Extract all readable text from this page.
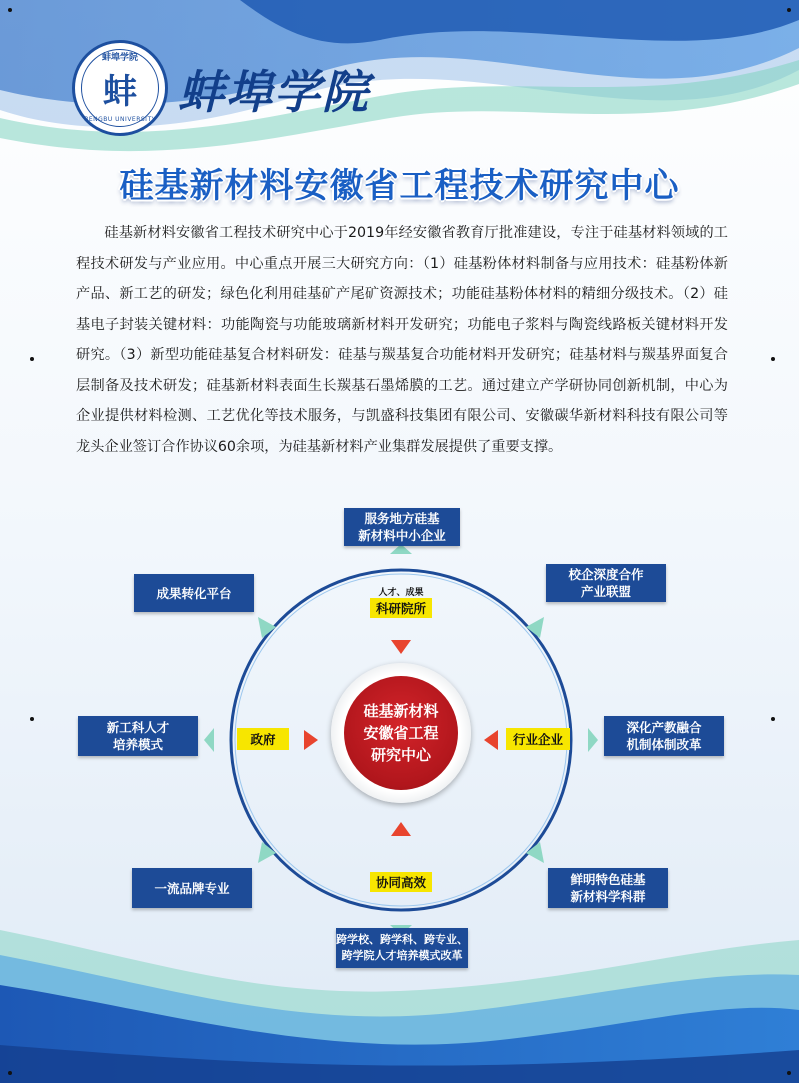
蚌埠学院
蚌
BENGBU UNIVERSITY
蚌埠学院
硅基新材料安徽省工程技术研究中心
硅基新材料安徽省工程技术研究中心于2019年经安徽省教育厅批准建设，专注于硅基材料领域的工程技术研发与产业应用。中心重点开展三大研究方向：（1）硅基粉体材料制备与应用技术：硅基粉体新产品、新工艺的研发；绿色化利用硅基矿产尾矿资源技术；功能硅基粉体材料的精细分级技术。（2）硅基电子封装关键材料：功能陶瓷与功能玻璃新材料开发研究；功能电子浆料与陶瓷线路板关键材料开发研究。（3）新型功能硅基复合材料研发：硅基与羰基复合功能材料开发研究；硅基材料与羰基界面复合层制备及技术研发；硅基新材料表面生长羰基石墨烯膜的工艺。通过建立产学研协同创新机制，中心为企业提供材料检测、工艺优化等技术服务，与凯盛科技集团有限公司、安徽碳华新材料科技有限公司等龙头企业签订合作协议60余项，为硅基新材料产业集群发展提供了重要支撑。
硅基新材料
安徽省工程
研究中心
人才、成果
科研院所
政府	行业企业
协同高效
服务地方硅基
新材料中小企业
校企深度合作
产业联盟
深化产教融合
机制体制改革
鲜明特色硅基
新材料学科群
跨学校、跨学科、跨专业、
跨学院人才培养模式改革
一流品牌专业
新工科人才
培养模式
成果转化平台
